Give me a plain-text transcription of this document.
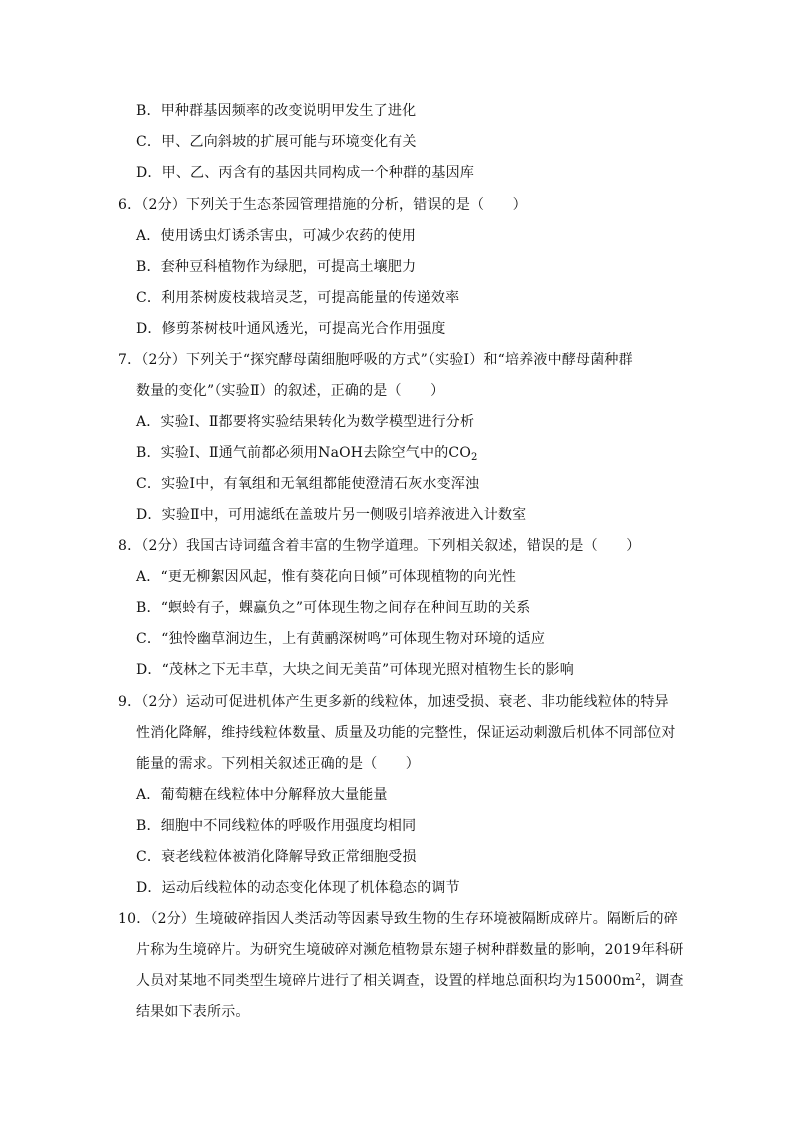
B．甲种群基因频率的改变说明甲发生了进化
C．甲、乙向斜坡的扩展可能与环境变化有关
D．甲、乙、丙含有的基因共同构成一个种群的基因库
6．（2分）下列关于生态茶园管理措施的分析，错误的是（　　）
A．使用诱虫灯诱杀害虫，可减少农药的使用
B．套种豆科植物作为绿肥，可提高土壤肥力
C．利用茶树废枝栽培灵芝，可提高能量的传递效率
D．修剪茶树枝叶通风透光，可提高光合作用强度
7．（2分）下列关于“探究酵母菌细胞呼吸的方式”（实验Ⅰ）和“培养液中酵母菌种群
数量的变化”（实验Ⅱ）的叙述，正确的是（　　）
A．实验Ⅰ、Ⅱ都要将实验结果转化为数学模型进行分析
B．实验Ⅰ、Ⅱ通气前都必须用NaOH去除空气中的$CO_2$
C．实验Ⅰ中，有氧组和无氧组都能使澄清石灰水变浑浊
D．实验Ⅱ中，可用滤纸在盖玻片另一侧吸引培养液进入计数室
8．（2分）我国古诗词蕴含着丰富的生物学道理。下列相关叙述，错误的是（　　）
A．“更无柳絮因风起，惟有葵花向日倾”可体现植物的向光性
B．“螟蛉有子，蜾蠃负之”可体现生物之间存在种间互助的关系
C．“独怜幽草涧边生，上有黄鹂深树鸣”可体现生物对环境的适应
D．“茂林之下无丰草，大块之间无美苗”可体现光照对植物生长的影响
9．（2分）运动可促进机体产生更多新的线粒体，加速受损、衰老、非功能线粒体的特异
性消化降解，维持线粒体数量、质量及功能的完整性，保证运动刺激后机体不同部位对
能量的需求。下列相关叙述正确的是（　　）
A．葡萄糖在线粒体中分解释放大量能量
B．细胞中不同线粒体的呼吸作用强度均相同
C．衰老线粒体被消化降解导致正常细胞受损
D．运动后线粒体的动态变化体现了机体稳态的调节
10．（2分）生境破碎指因人类活动等因素导致生物的生存环境被隔断成碎片。隔断后的碎
片称为生境碎片。为研究生境破碎对濒危植物景东翅子树种群数量的影响，2019年科研
人员对某地不同类型生境碎片进行了相关调查，设置的样地总面积均为$15000m^2$，调查
结果如下表所示。
